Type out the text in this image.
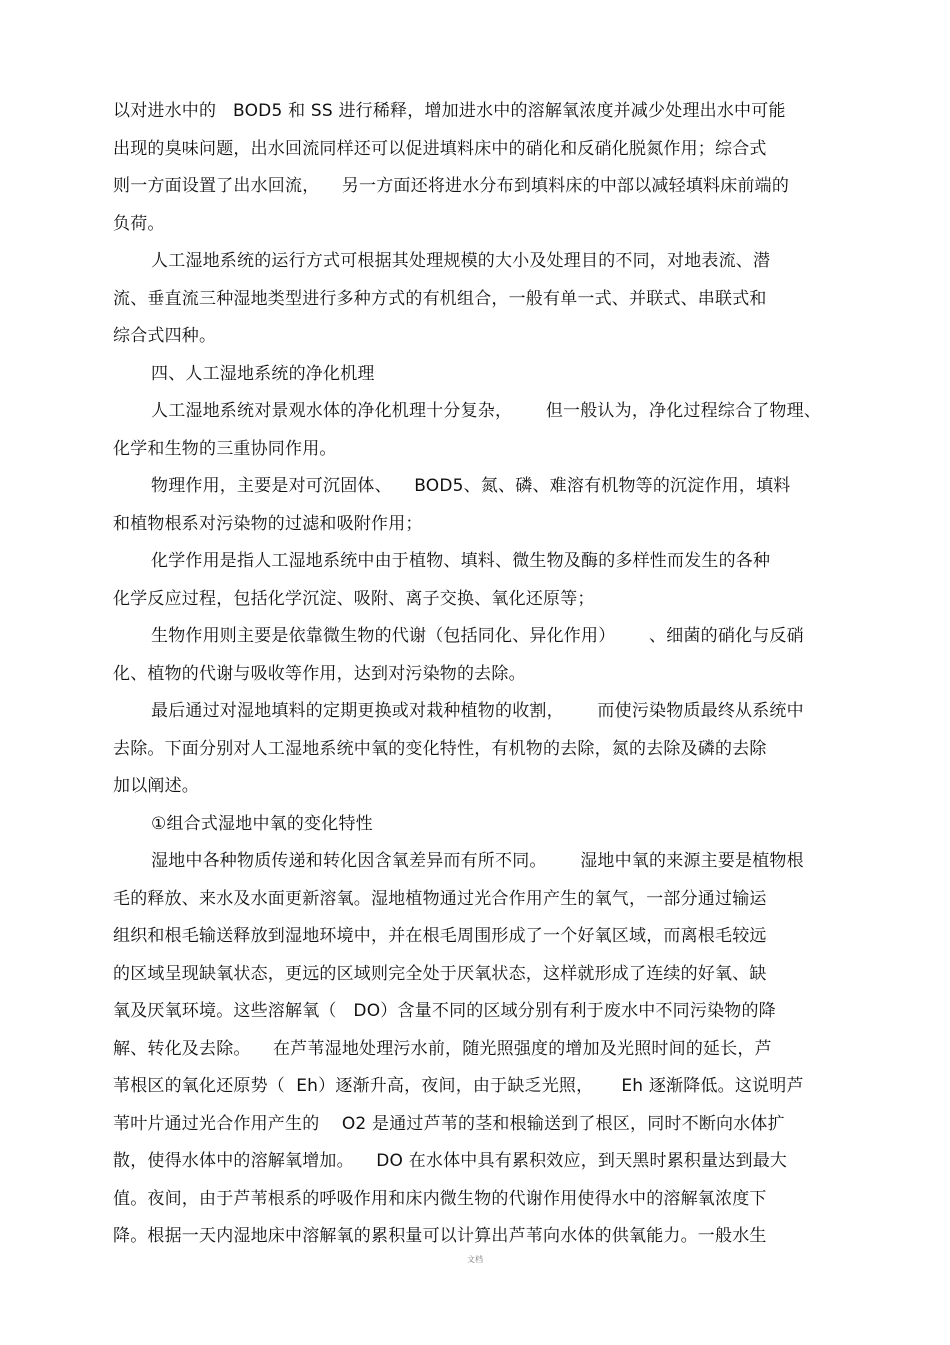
以对进水中的   BOD5 和 SS 进行稀释，增加进水中的溶解氧浓度并减少处理出水中可能
出现的臭味问题，出水回流同样还可以促进填料床中的硝化和反硝化脱氮作用；综合式
则一方面设置了出水回流，    另一方面还将进水分布到填料床的中部以减轻填料床前端的
负荷。
人工湿地系统的运行方式可根据其处理规模的大小及处理目的不同，对地表流、潜
流、垂直流三种湿地类型进行多种方式的有机组合，一般有单一式、并联式、串联式和
综合式四种。
四、人工湿地系统的净化机理
人工湿地系统对景观水体的净化机理十分复杂，      但一般认为，净化过程综合了物理、
化学和生物的三重协同作用。
物理作用，主要是对可沉固体、    BOD5、氮、磷、难溶有机物等的沉淀作用，填料
和植物根系对污染物的过滤和吸附作用；
化学作用是指人工湿地系统中由于植物、填料、微生物及酶的多样性而发生的各种
化学反应过程，包括化学沉淀、吸附、离子交换、氧化还原等；
生物作用则主要是依靠微生物的代谢（包括同化、异化作用）      、细菌的硝化与反硝
化、植物的代谢与吸收等作用，达到对污染物的去除。
最后通过对湿地填料的定期更换或对栽种植物的收割，      而使污染物质最终从系统中
去除。下面分别对人工湿地系统中氧的变化特性，有机物的去除，氮的去除及磷的去除
加以阐述。
①组合式湿地中氧的变化特性
湿地中各种物质传递和转化因含氧差异而有所不同。      湿地中氧的来源主要是植物根
毛的释放、来水及水面更新溶氧。湿地植物通过光合作用产生的氧气，一部分通过输运
组织和根毛输送释放到湿地环境中，并在根毛周围形成了一个好氧区域，而离根毛较远
的区域呈现缺氧状态，更远的区域则完全处于厌氧状态，这样就形成了连续的好氧、缺
氧及厌氧环境。这些溶解氧（   DO）含量不同的区域分别有利于废水中不同污染物的降
解、转化及去除。    在芦苇湿地处理污水前，随光照强度的增加及光照时间的延长，芦
苇根区的氧化还原势（  Eh）逐渐升高，夜间，由于缺乏光照，     Eh 逐渐降低。这说明芦
苇叶片通过光合作用产生的    O2 是通过芦苇的茎和根输送到了根区，同时不断向水体扩
散，使得水体中的溶解氧增加。    DO 在水体中具有累积效应，到天黑时累积量达到最大
值。夜间，由于芦苇根系的呼吸作用和床内微生物的代谢作用使得水中的溶解氧浓度下
降。根据一天内湿地床中溶解氧的累积量可以计算出芦苇向水体的供氧能力。一般水生
文档
